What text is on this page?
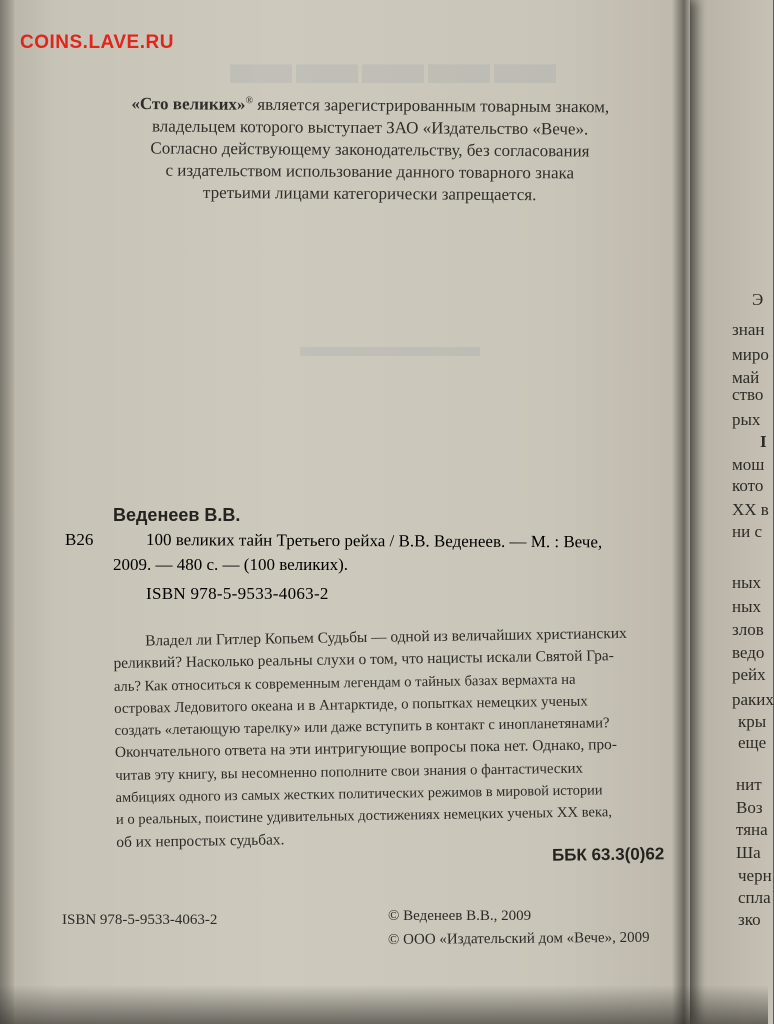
Э
знан
миро
май
ство
рых
I
мош
кото
XX в
ни с
ных
ных
злов
ведо
рейх
раких
кры
еще
нит
Воз
тяна
Ша
черн
спла
зко
▬▬▬▬▬
▬▬▬▬▬▬
COINS.LAVE.RU
«Сто великих»® является зарегистрированным товарным знаком,
владельцем которого выступает ЗАО «Издательство «Вече».
Согласно действующему законодательству, без согласования
с издательством использование данного товарного знака
третьими лицами категорически запрещается.
Веденеев В.В.
В26	100 великих тайн Третьего рейха / В.В. Веденеев. — М. : Вече,
2009. — 480 с. — (100 великих).
ISBN 978-5-9533-4063-2
Владел ли Гитлер Копьем Судьбы — одной из величайших христианских
реликвий? Насколько реальны слухи о том, что нацисты искали Святой Гра-
аль? Как относиться к современным легендам о тайных базах вермахта на
островах Ледовитого океана и в Антарктиде, о попытках немецких ученых
создать «летающую тарелку» или даже вступить в контакт с инопланетянами?
Окончательного ответа на эти интригующие вопросы пока нет. Однако, про-
читав эту книгу, вы несомненно пополните свои знания о фантастических
амбициях одного из самых жестких политических режимов в мировой истории
и о реальных, поистине удивительных достижениях немецких ученых XX века,
об их непростых судьбах.
ББК 63.3(0)62
ISBN 978-5-9533-4063-2	© Веденеев В.В., 2009
© ООО «Издательский дом «Вече», 2009
